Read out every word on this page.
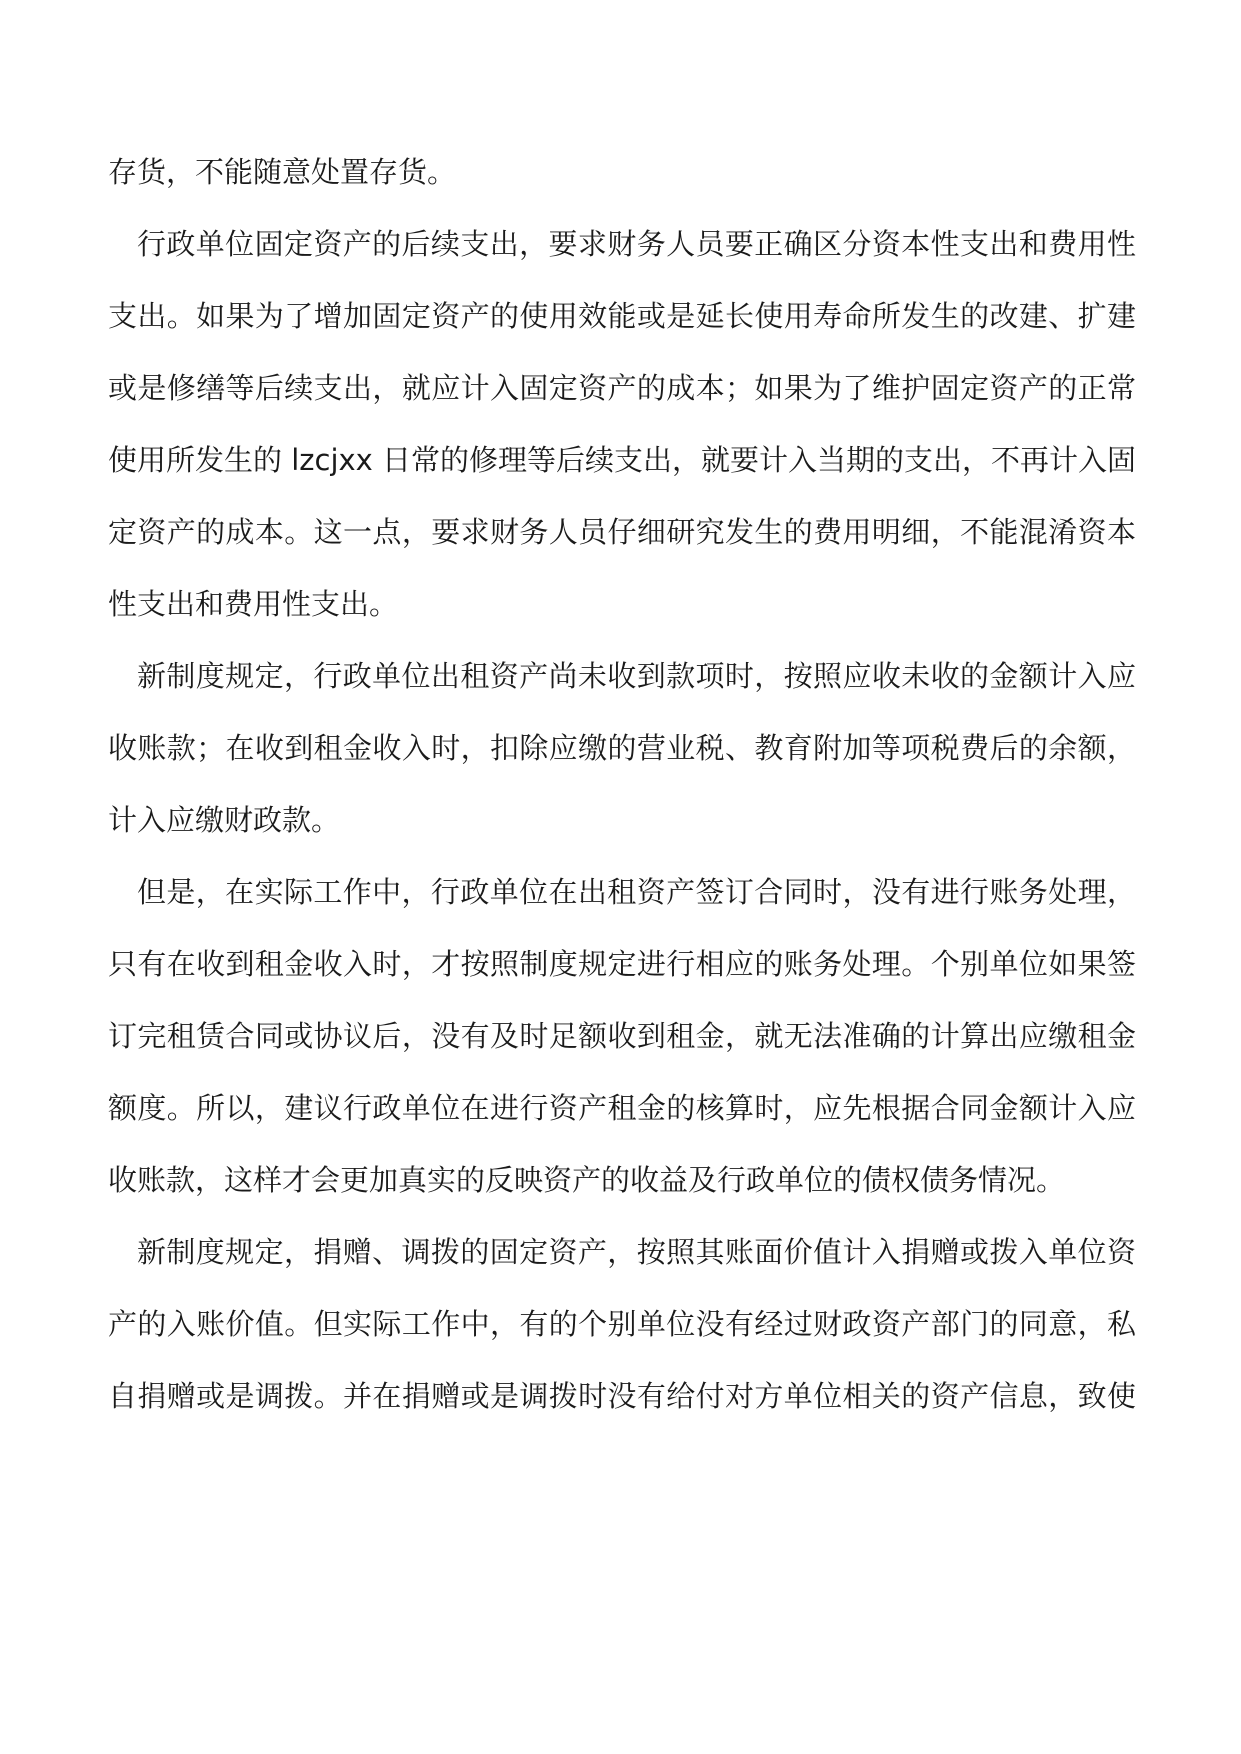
存货，不能随意处置存货。

行政单位固定资产的后续支出，要求财务人员要正确区分资本性支出和费用性

支出。如果为了增加固定资产的使用效能或是延长使用寿命所发生的改建、扩建

或是修缮等后续支出，就应计入固定资产的成本；如果为了维护固定资产的正常

使用所发生的 lzcjxx 日常的修理等后续支出，就要计入当期的支出，不再计入固

定资产的成本。这一点，要求财务人员仔细研究发生的费用明细，不能混淆资本

性支出和费用性支出。

新制度规定，行政单位出租资产尚未收到款项时，按照应收未收的金额计入应

收账款；在收到租金收入时，扣除应缴的营业税、教育附加等项税费后的余额，

计入应缴财政款。

但是，在实际工作中，行政单位在出租资产签订合同时，没有进行账务处理，

只有在收到租金收入时，才按照制度规定进行相应的账务处理。个别单位如果签

订完租赁合同或协议后，没有及时足额收到租金，就无法准确的计算出应缴租金

额度。所以，建议行政单位在进行资产租金的核算时，应先根据合同金额计入应

收账款，这样才会更加真实的反映资产的收益及行政单位的债权债务情况。

新制度规定，捐赠、调拨的固定资产，按照其账面价值计入捐赠或拨入单位资

产的入账价值。但实际工作中，有的个别单位没有经过财政资产部门的同意，私

自捐赠或是调拨。并在捐赠或是调拨时没有给付对方单位相关的资产信息，致使
